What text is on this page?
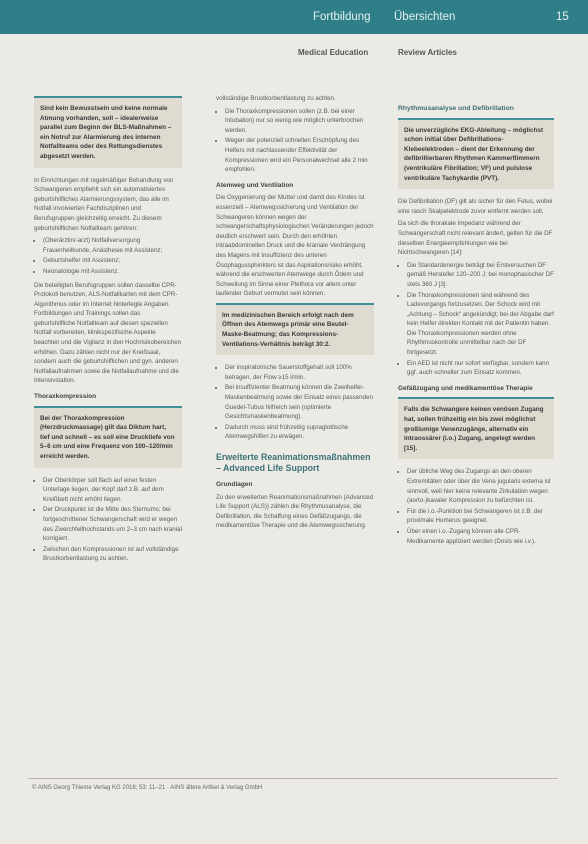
Fortbildung Übersichten	15
Medical Education	Review Articles
Sind kein Bewusstsein und keine normale Atmung vorhanden, soll – idealerweise parallel zum Beginn der BLS-Maßnahmen – ein Notruf zur Alarmierung des internen Notfallteams oder des Rettungsdienstes abgesetzt werden.

In Einrichtungen mit regelmäßiger Behandlung von Schwangeren empfiehlt sich ein automatisiertes geburtshilfliches Alarmierungssystem, das alle im Notfall involvierten Fachdisziplinen und Berufsgruppen gleichzeitig erreicht. Zu diesem geburtshilflichen Notfallteam gehören:

• (Oberärztin/-arzt) Notfallversorgung Frauenheilkunde, Anästhesie mit Assistenz;
• Geburtshelfer mit Assistenz;
• Neonatologie mit Assistenz.

Die beteiligten Berufsgruppen sollen dasselbe CPR-Protokoll benutzen, ALS-Notfallkarten mit dem CPR-Algorithmus oder im Internet hinterlegte Angaben. Fortbildungen und Trainings sollen das geburtshilfliche Notfallteam auf diesen speziellen Notfall vorbereiten, klinikspezifische Aspekte beachten und die Vigilanz in den Hochrisikobereichen erhöhen. Dazu zählen nicht nur der Kreißsaal, sondern auch die geburtshilflichen und gyn. anderen Notfallaufnahmen sowie die Notfallaufnahme und die Intensivstation.

Thoraxkompression
Bei der Thoraxkompression (Herzdruckmassage) gilt das Diktum hart, tief und schnell – es soll eine Drucktiefe von 5–6 cm und eine Frequenz von 100–120/min erreicht werden.
• Der Oberkörper soll flach auf einer festen Unterlage liegen, der Kopf darf z.B. auf dem Kreißbett nicht erhöht liegen.
• Der Druckpunkt ist die Mitte des Sternums; bei fortgeschrittener Schwangerschaft wird er wegen des Zwerchfellhochstands um 2–3 cm nach kranial korrigiert.
• Zwischen den Kompressionen ist auf vollständige Brustkorbentlastung zu achten.

vollständige Brustkorbentlastung zu achten.

• Die Thoraxkompressionen sollen (z.B. bei einer Intubation) nur so wenig wie möglich unterbrochen werden.
• Wegen der potenziell schnellen Erschöpfung des Helfers mit nachlassender Effektivität der Kompressionen wird ein Personalwechsel alle 2 min empfohlen.
Atemweg und Ventilation

Die Oxygenierung der Mutter und damit des Kindes ist essenziell – Atemwegssicherung und Ventilation der Schwangeren können wegen der schwangerschaftsphysiologischen Veränderungen jedoch deutlich erschwert sein. Durch den erhöhten intraabdominellen Druck und die kraniale Verdrängung des Magens mit Insuffizienz des unteren Ösophagussphinkters ist das Aspirationsrisiko erhöht, während die erschwerten Atemwege durch Ödem und Schwellung im Sinne einer Plethora vor allem unter laufender Geburt vermutet sein können.

Im medizinischen Bereich erfolgt nach dem Öffnen des Atemwegs primär eine Beutel-Maske-Beatmung; das Kompressions-Ventilations-Verhältnis beträgt 30:2.
• Der inspiratorische Sauerstoffgehalt soll 100% betragen, der Flow ≥15 l/min.
• Bei insuffizienter Beatmung können die Zweihelfer-Maskenbeatmung sowie der Einsatz eines passenden Guedel-Tubus hilfreich sein (optimierte Gesichtsmaskenbeatmung).
• Dadurch muss sind frühzeitig supraglottische Atemwegshilfen zu erwägen.
Erweiterte Reanimationsmaßnahmen – Advanced Life Support
Grundlagen

Zu den erweiterten Reanimationsmaßnahmen (Advanced Life Support (ALS)) zählen die Rhythmusanalyse, die Defibrillation, die Schaffung eines Gefäßzugangs, die medikamentöse Therapie und die Atemwegssicherung.

Rhythmusanalyse und Defibrillation
Die unverzügliche EKG-Ableitung – möglichst schon initial über Defibrillations-Klebeelektroden – dient der Erkennung der defibrillierbaren Rhythmen Kammerflimmern (ventrikuläre Fibrillation; VF) und pulslose ventrikuläre Tachykardie (PVT).

Die Defibrillation (DF) gilt als sicher für den Fetus, wobei eine rasch Skalpelektrode zuvor entfernt werden soll.

Da sich die thorakale Impedanz während der Schwangerschaft nicht relevant ändert, gelten für die DF dieselben Energieempfehlungen wie bei Nichtschwangeren [14]:

• Die Standardenergie beträgt bei Erstversuchen DF gemäß Hersteller 120–200 J; bei monophasischer DF stets 360 J [3].
• Die Thoraxkompressionen sind während des Ladevorgangs fortzusetzen. Der Schock wird mit „Achtung – Schock“ angekündigt; bei der Abgabe darf kein Helfer direkten Kontakt mit der Patientin haben. Die Thoraxkompressionen werden ohne Rhythmuskontrolle unmittelbar nach der DF fortgesetzt.
• Ein AED ist nicht nur sofort verfügbar, sondern kann ggf. auch schneller zum Einsatz kommen.
Gefäßzugang und medikamentöse Therapie
Falls die Schwangere keinen venösen Zugang hat, sollen frühzeitig ein bis zwei möglichst großlumige Venenzugänge, alternativ ein intraossärer (i.o.) Zugang, angelegt werden [15].
• Der übliche Weg des Zugangs an den oberen Extremitäten oder über die Vena jugularis externa ist sinnvoll, weil hier keine relevante Zirkulation wegen (aorto-)kavaler Kompression zu befürchten ist.
• Für die i.o.-Punktion bei Schwangeren ist z.B. der proximale Humerus geeignet.
• Über einen i.o.-Zugang können alle CPR-Medikamente appliziert werden (Dosis wie i.v.).
© AINS Georg Thieme Verlag KG 2018; 53: 11–21 · AINS ältere Artikel & Verlag GmbH
